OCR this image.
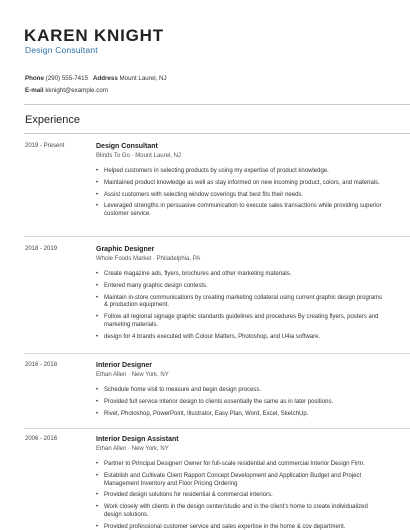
KAREN KNIGHT
Design Consultant
Phone (290) 555-7415 Address Mount Laurel, NJ
E-mail kknight@example.com
Experience
2019 - Present	Design Consultant
Blinds To Go · Mount Laurel, NJ
• Helped customers in selecting products by using my expertise of product knowledge.
• Maintained product knowledge as well as stay informed on new incoming product, colors, and materials.
• Assist customers with selecting window coverings that best fits their needs.
• Leveraged strengths in persuasive communication to execute sales transactions while providing superior customer service.
2018 - 2019	Graphic Designer
Whole Foods Market · Philadelphia, PA
• Create magazine ads, flyers, brochures and other marketing materials.
• Entered many graphic design contests.
• Maintain in-store communications by creating marketing collateral using current graphic design programs & production equipment.
• Follow all regional signage graphic standards guidelines and procedures By creating flyers, posters and marketing materials.
• design for 4 brands executed with Colour Matters, Photoshop, and U4ia software.
2016 - 2018	Interior Designer
Ethan Allen · New York, NY
• Schedule home visit to measure and begin design process.
• Provided full service interior design to clients essentially the same as in later positions.
• Rivet, Photoshop, PowerPoint, Illustrator, Easy Plan, Word, Excel, SketchUp.
2006 - 2016	Interior Design Assistant
Ethan Allen · New York, NY
• Partner to Principal Designer/ Owner for full-scale residential and commercial Interior Design Firm.
• Establish and Cultivate Client Rapport Concept Development and Application Budget and Project Management Inventory and Floor Pricing Ordering
• Provided design solutions for residential & commercial interiors.
• Work closely with clients in the design center/studio and in the client's home to create individualized design solutions.
• Provided professional customer service and sales expertise in the home & cov department.
